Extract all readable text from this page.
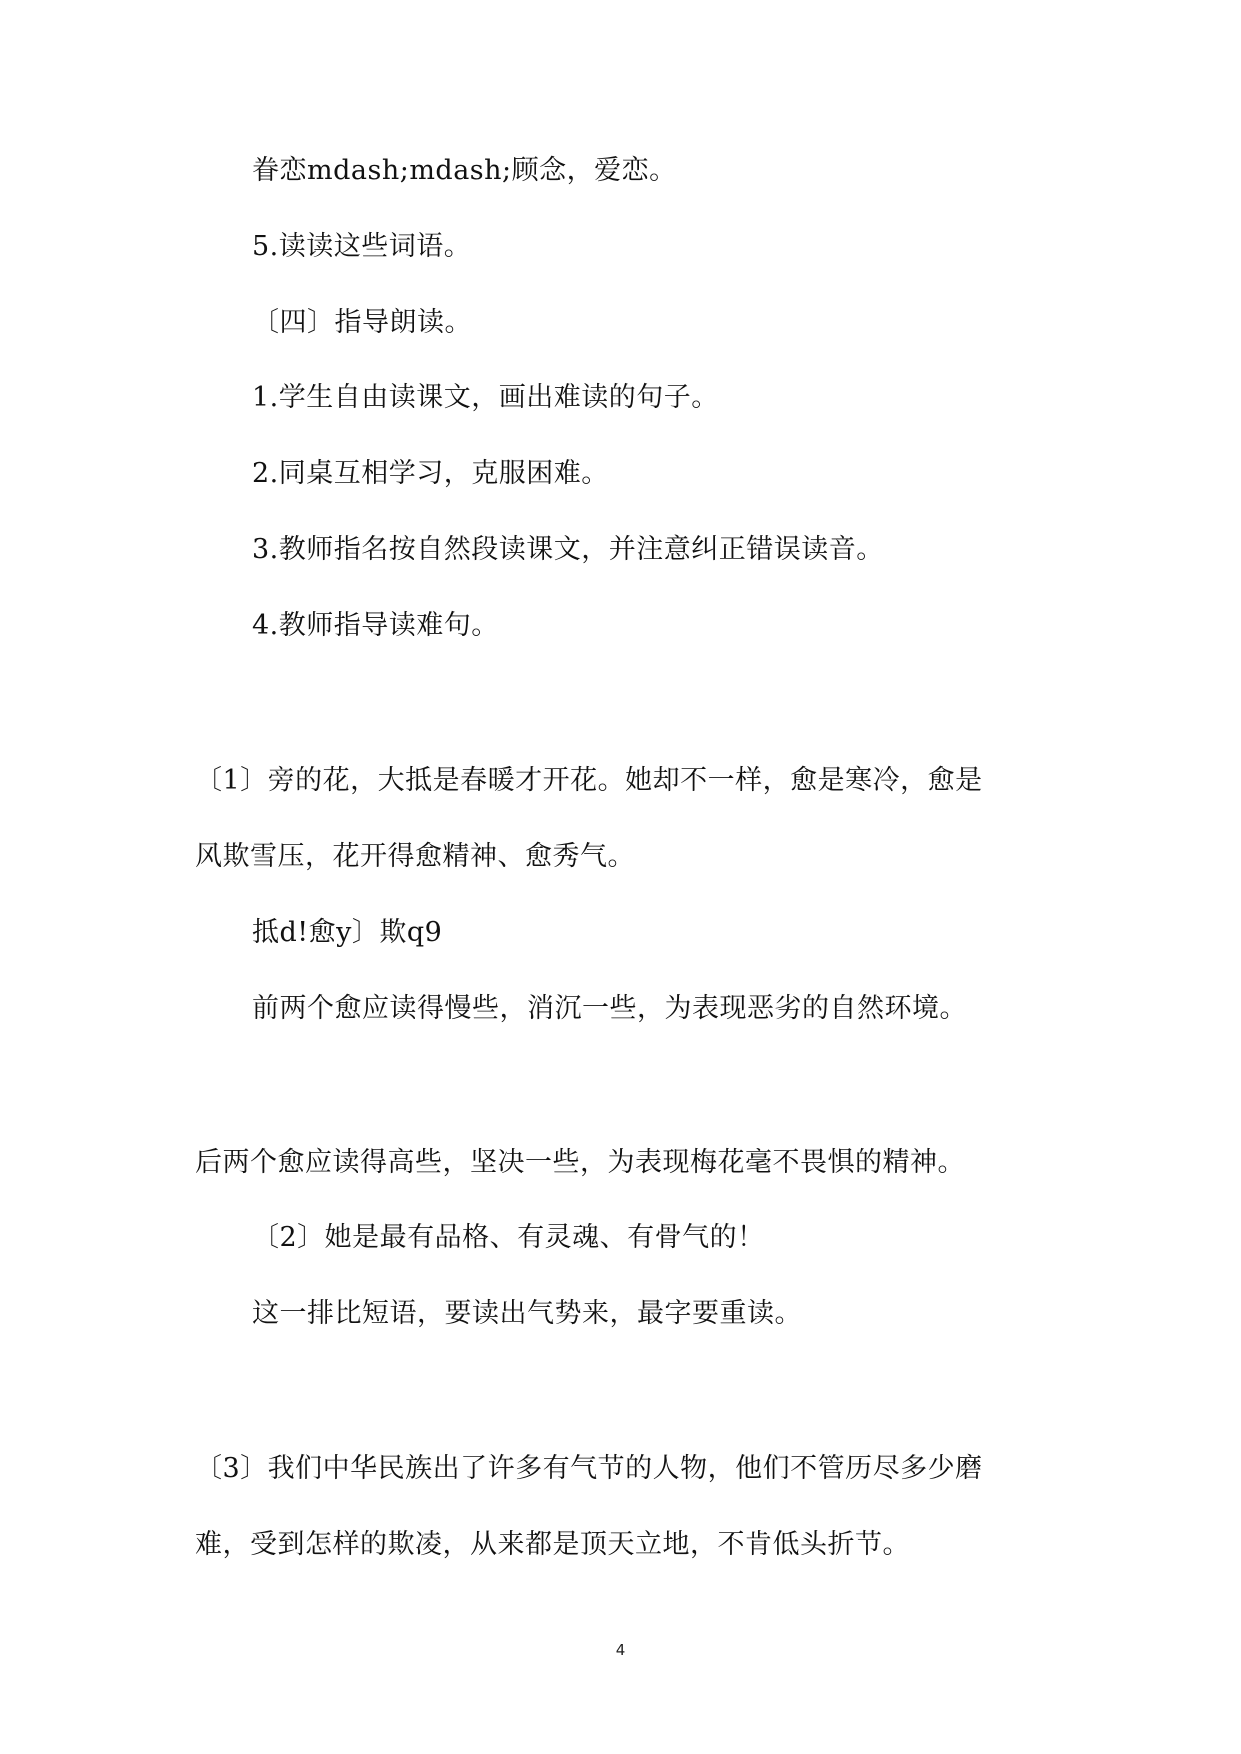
眷恋mdash;mdash;顾念，爱恋。
5.读读这些词语。
〔四〕指导朗读。
1.学生自由读课文，画出难读的句子。
2.同桌互相学习，克服困难。
3.教师指名按自然段读课文，并注意纠正错误读音。
4.教师指导读难句。
〔1〕旁的花，大抵是春暖才开花。她却不一样，愈是寒冷，愈是
风欺雪压，花开得愈精神、愈秀气。
抵d!愈y〕欺q9
前两个愈应读得慢些，消沉一些，为表现恶劣的自然环境。
后两个愈应读得高些，坚决一些，为表现梅花毫不畏惧的精神。
〔2〕她是最有品格、有灵魂、有骨气的！
这一排比短语，要读出气势来，最字要重读。
〔3〕我们中华民族出了许多有气节的人物，他们不管历尽多少磨
难，受到怎样的欺凌，从来都是顶天立地，不肯低头折节。
4
